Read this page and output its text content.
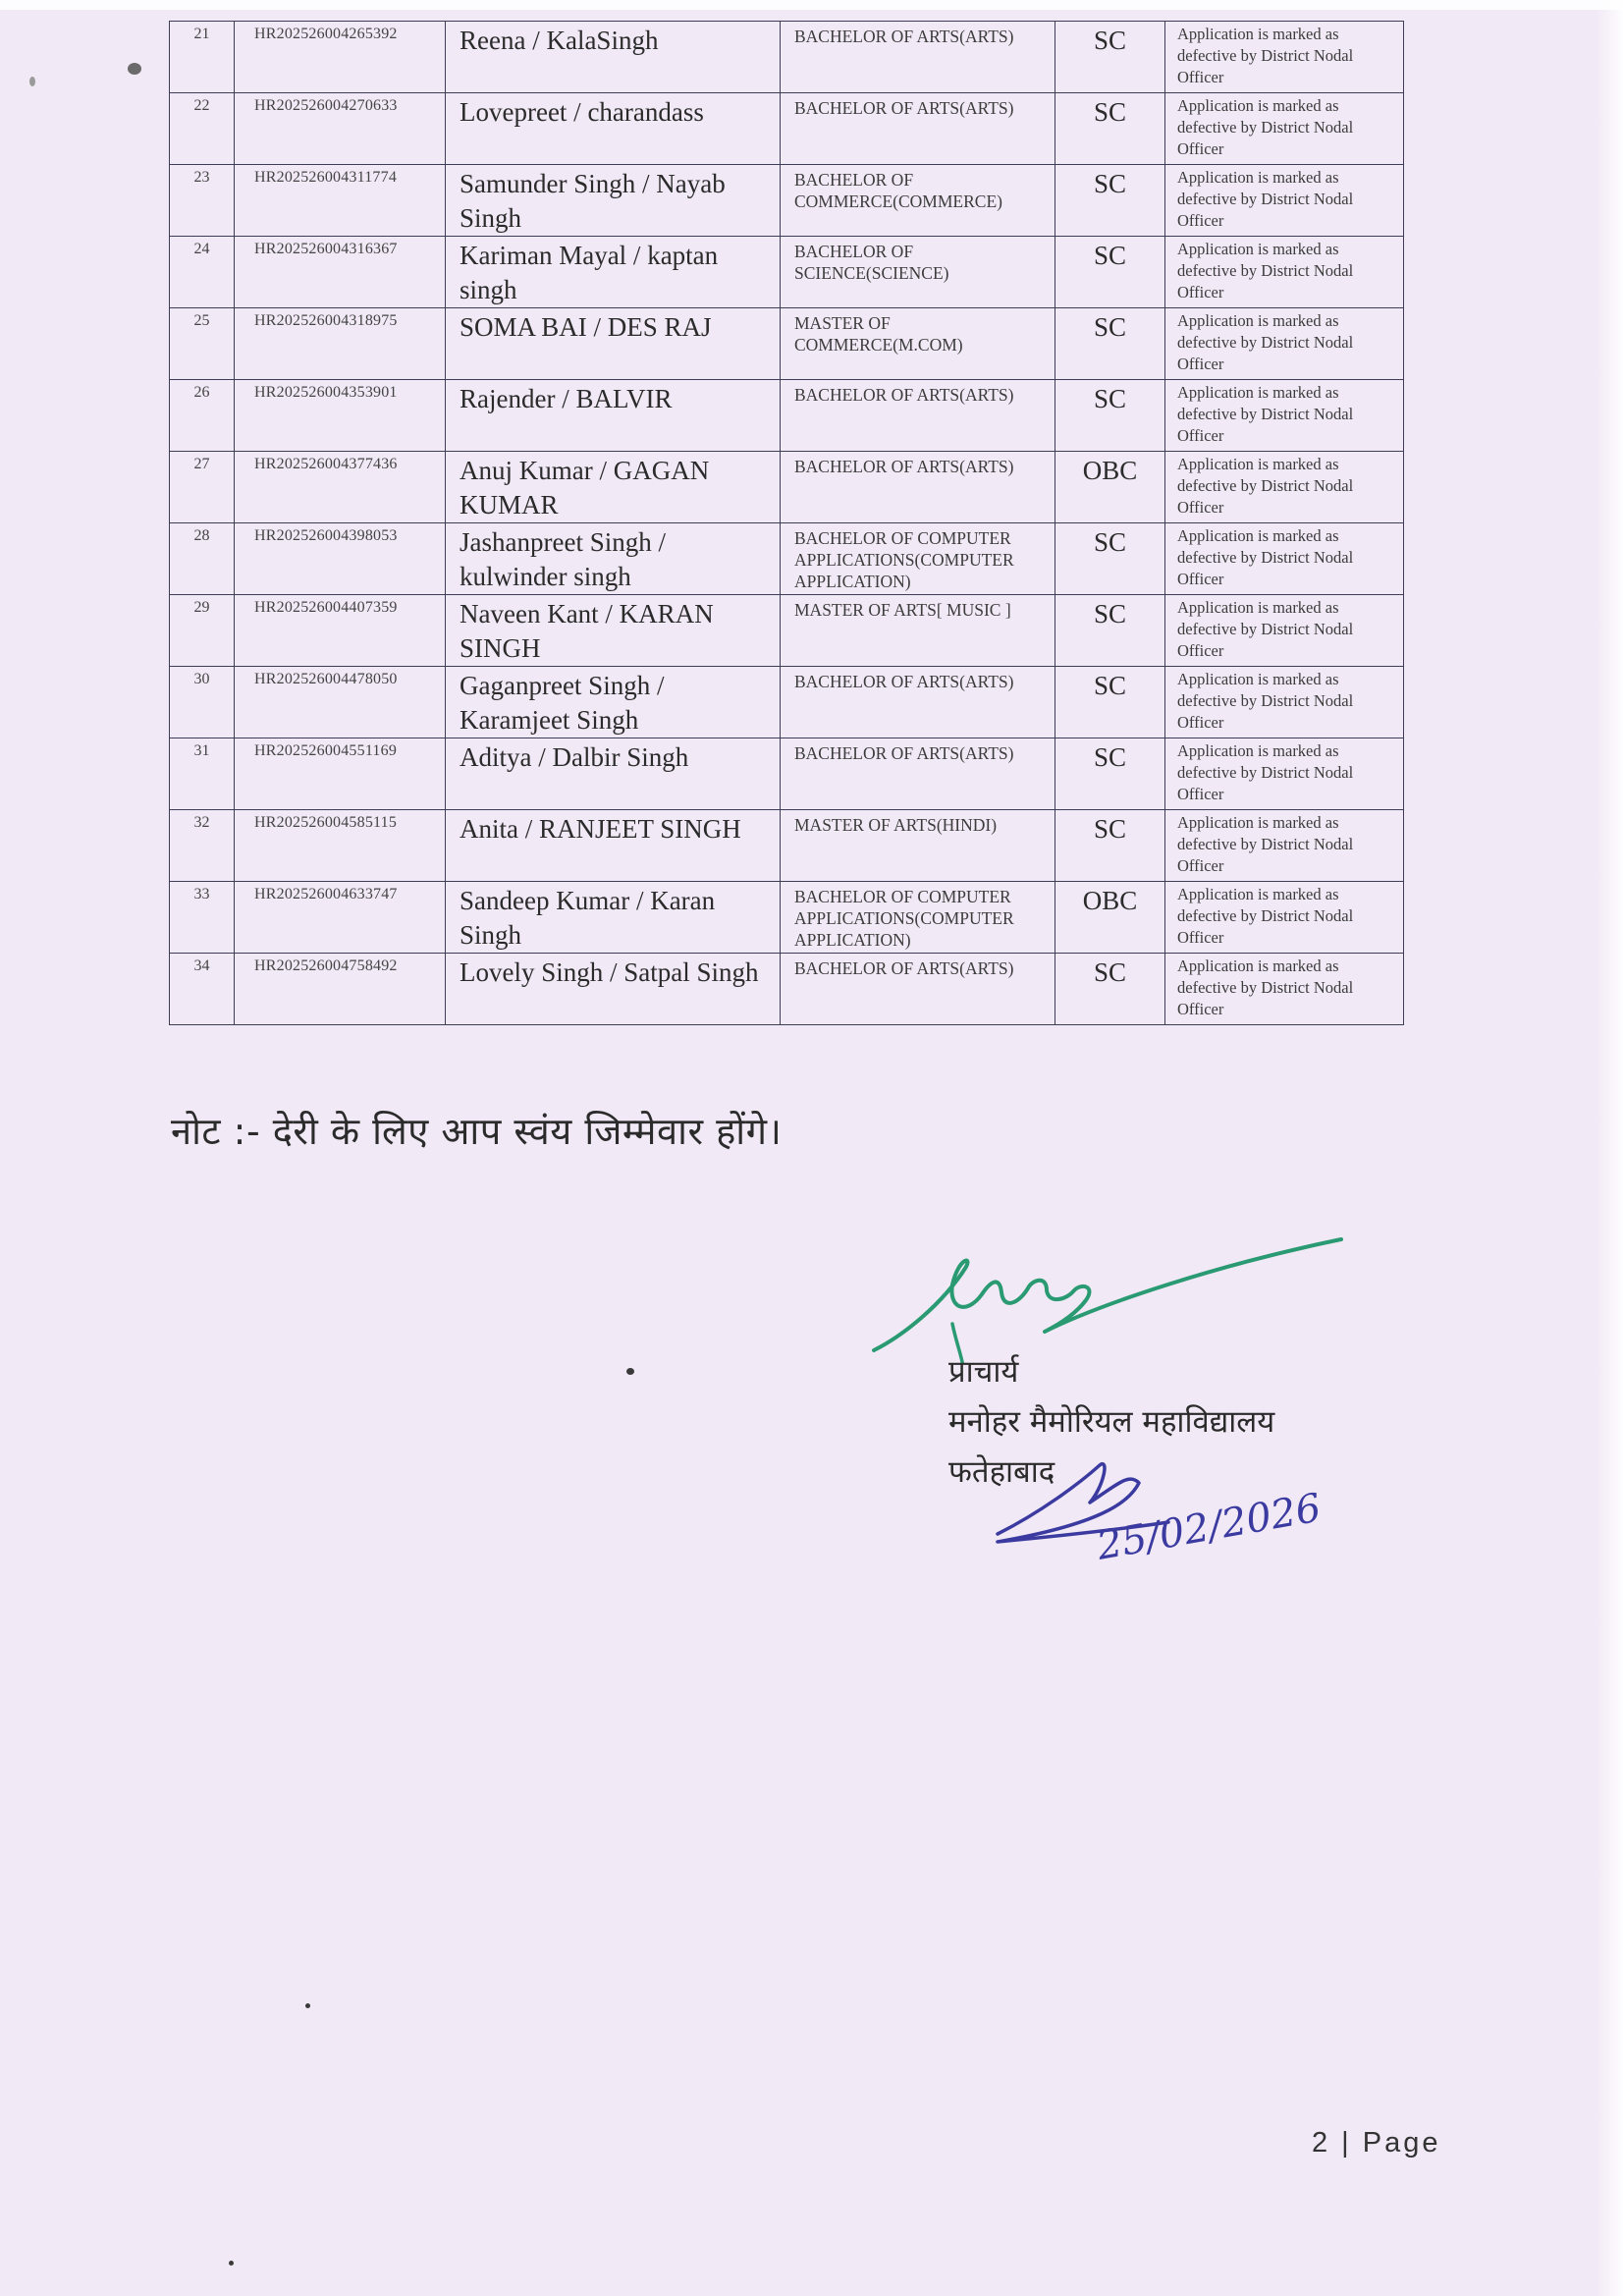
21	HR202526004265392	Reena / KalaSingh	BACHELOR OF ARTS(ARTS)	SC	Application is marked as defective by District Nodal Officer
22	HR202526004270633	Lovepreet / charandass	BACHELOR OF ARTS(ARTS)	SC	Application is marked as defective by District Nodal Officer
23	HR202526004311774	Samunder Singh / Nayab Singh	BACHELOR OF COMMERCE(COMMERCE)	SC	Application is marked as defective by District Nodal Officer
24	HR202526004316367	Kariman Mayal / kaptan singh	BACHELOR OF SCIENCE(SCIENCE)	SC	Application is marked as defective by District Nodal Officer
25	HR202526004318975	SOMA BAI / DES RAJ	MASTER OF COMMERCE(M.COM)	SC	Application is marked as defective by District Nodal Officer
26	HR202526004353901	Rajender / BALVIR	BACHELOR OF ARTS(ARTS)	SC	Application is marked as defective by District Nodal Officer
27	HR202526004377436	Anuj Kumar / GAGAN KUMAR	BACHELOR OF ARTS(ARTS)	OBC	Application is marked as defective by District Nodal Officer
28	HR202526004398053	Jashanpreet Singh / kulwinder singh	BACHELOR OF COMPUTER APPLICATIONS(COMPUTER APPLICATION)	SC	Application is marked as defective by District Nodal Officer
29	HR202526004407359	Naveen Kant / KARAN SINGH	MASTER OF ARTS[ MUSIC ]	SC	Application is marked as defective by District Nodal Officer
30	HR202526004478050	Gaganpreet Singh / Karamjeet Singh	BACHELOR OF ARTS(ARTS)	SC	Application is marked as defective by District Nodal Officer
31	HR202526004551169	Aditya / Dalbir Singh	BACHELOR OF ARTS(ARTS)	SC	Application is marked as defective by District Nodal Officer
32	HR202526004585115	Anita / RANJEET SINGH	MASTER OF ARTS(HINDI)	SC	Application is marked as defective by District Nodal Officer
33	HR202526004633747	Sandeep Kumar / Karan Singh	BACHELOR OF COMPUTER APPLICATIONS(COMPUTER APPLICATION)	OBC	Application is marked as defective by District Nodal Officer
34	HR202526004758492	Lovely Singh / Satpal Singh	BACHELOR OF ARTS(ARTS)	SC	Application is marked as defective by District Nodal Officer
नोट :- देरी के लिए आप स्वंय जिम्मेवार होंगे।
प्राचार्य
मनोहर मैमोरियल महाविद्यालय
फतेहाबाद
25/02/2026
2 | Page
